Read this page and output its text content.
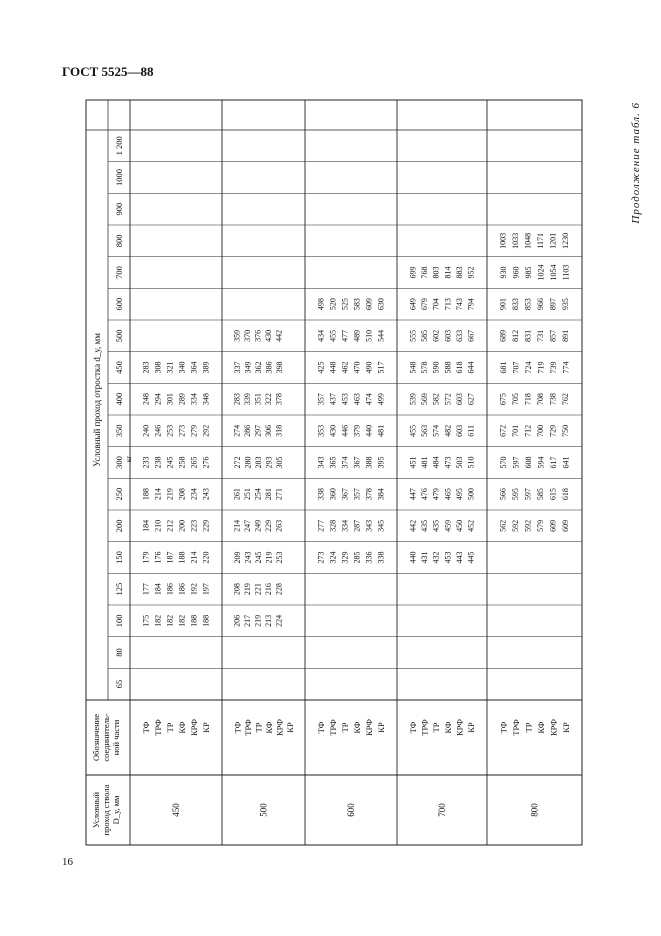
ГОСТ 5525—88
16
Продолжение табл. 6
Условный проход отростка d_у, мм
65
80
100
125
150
200
250
300
350
400
450
500
600
700
800
900
1000
1 200
кг
Условныйпроход стволаD_у, мм
Обозначениесоединитель-ной части
450
ТФ ТРФ ТР КФ КРФ КР
175 182 182 182 188 188
177 184 186 186 192 197
179 176 187 188 214 220
184 210 212 200 223 229
188 214 219 208 234 243
233 238 245 258 265 276
240 246 253 273 279 292
248 294 301 289 334 348
283 308 321 340 364 389
500
ТФ ТРФ ТР КФ КРФ КР
206 217 219 213 224
208 219 221 216 228
209 243 245 219 253
214 247 249 229 263
261 251 254 281 271
272 280 283 293 305
274 286 297 306 318
283 339 351 322 378
337 349 362 386 398
359 370 376 430 442
600
ТФ ТРФ ТР КФ КРФ КР
273 324 329 285 336 338
277 328 334 287 343 345
338 360 367 357 378 384
343 365 374 367 388 395
353 430 446 379 440 481
357 437 453 463 474 499
425 448 462 470 490 517
434 455 477 489 510 544
498 520 525 583 609 630
700
ТФ ТРФ ТР КФ КРФ КР
440 431 432 453 443 445
442 435 435 459 450 452
447 476 479 465 495 500
451 481 484 473 503 510
455 563 574 482 603 611
539 569 582 572 603 627
548 578 590 588 618 644
555 585 602 603 633 667
649 679 704 713 743 794
699 768 803 814 883 952
800
ТФ ТРФ ТР КФ КРФ КР
562 592 592 579 609 609
566 595 597 585 615 618
570 597 608 594 617 641
672 701 712 700 729 750
675 705 718 708 738 762
681 707 724 719 739 774
689 812 831 731 857 891
901 833 853 966 897 935
930 960 985 1024 1054 1103
1003 1033 1048 1171 1201 1230
